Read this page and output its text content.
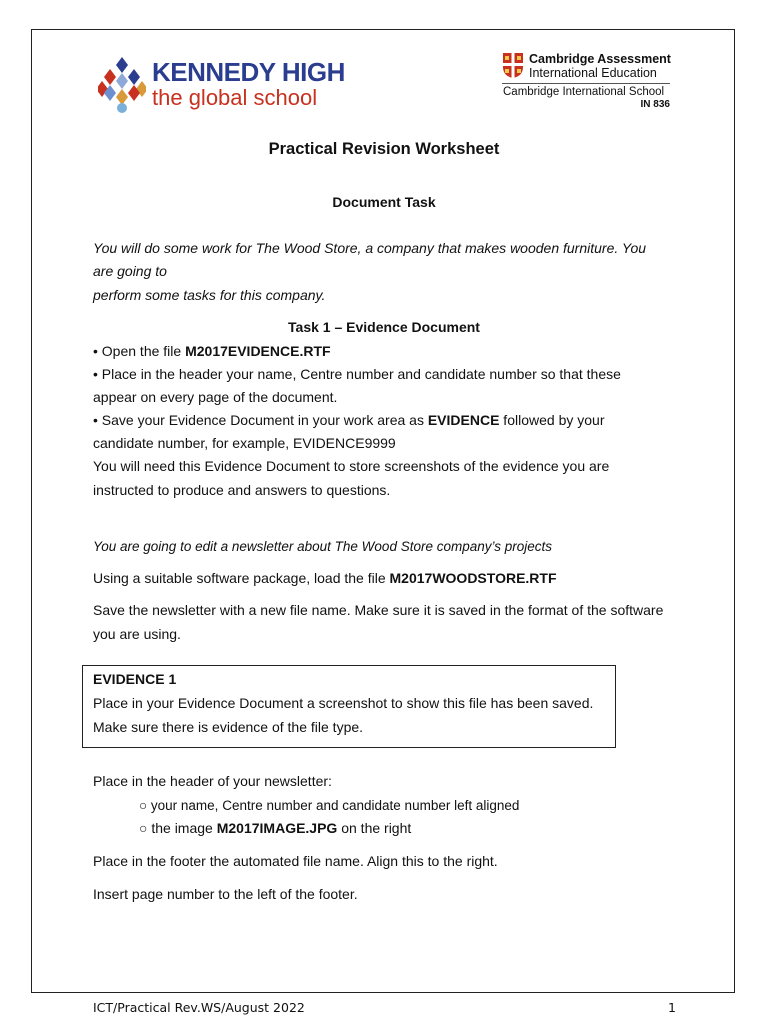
KENNEDY HIGH
the global school
Cambridge Assessment
International Education
Cambridge International School
IN 836
Practical Revision Worksheet
Document Task
You will do some work for The Wood Store, a company that makes wooden furniture. You
are going to
perform some tasks for this company.
Task 1 – Evidence Document
• Open the file M2017EVIDENCE.RTF
• Place in the header your name, Centre number and candidate number so that these
appear on every page of the document.
• Save your Evidence Document in your work area as EVIDENCE followed by your
candidate number, for example, EVIDENCE9999
You will need this Evidence Document to store screenshots of the evidence you are
instructed to produce and answers to questions.
You are going to edit a newsletter about The Wood Store company’s projects
Using a suitable software package, load the file M2017WOODSTORE.RTF
Save the newsletter with a new file name. Make sure it is saved in the format of the software
you are using.
EVIDENCE 1
Place in your Evidence Document a screenshot to show this file has been saved.
Make sure there is evidence of the file type.
Place in the header of your newsletter:
○ your name, Centre number and candidate number left aligned
○ the image M2017IMAGE.JPG on the right
Place in the footer the automated file name. Align this to the right.
Insert page number to the left of the footer.
ICT/Practical Rev.WS/August 2022	1
